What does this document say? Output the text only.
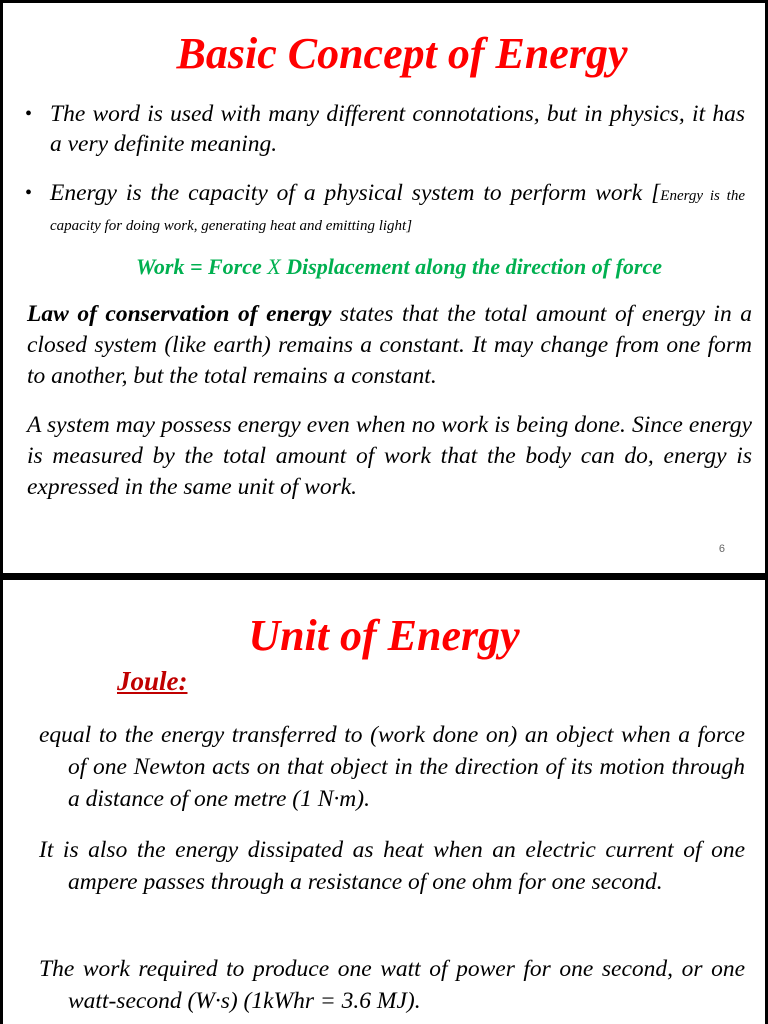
Basic Concept of Energy
• The word is used with many different connotations, but in physics, it has a very definite meaning.
• Energy is the capacity of a physical system to perform work [Energy is the capacity for doing work, generating heat and emitting light]

Work = Force X Displacement along the direction of force

Law of conservation of energy states that the total amount of energy in a closed system (like earth) remains a constant. It may change from one form to another, but the total remains a constant.

A system may possess energy even when no work is being done. Since energy is measured by the total amount of work that the body can do, energy is expressed in the same unit of work.

6
Unit of Energy

Joule:

equal to the energy transferred to (work done on) an object when a force of one Newton acts on that object in the direction of its motion through a distance of one metre (1 N·m).

It is also the energy dissipated as heat when an electric current of one ampere passes through a resistance of one ohm for one second.

The work required to produce one watt of power for one second, or one watt-second (W·s) (1kWhr = 3.6 MJ).
